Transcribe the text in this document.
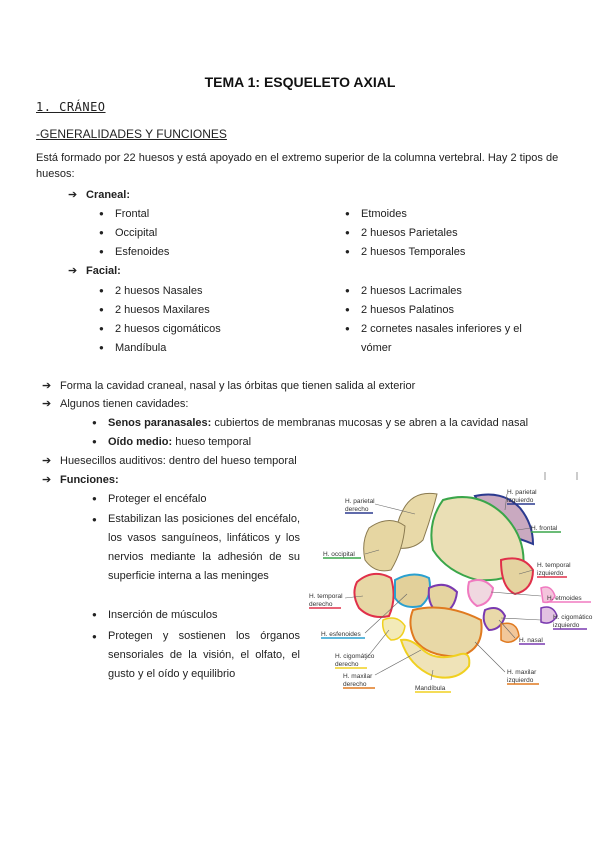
TEMA 1: ESQUELETO AXIAL
1. CRÁNEO
-GENERALIDADES Y FUNCIONES
Está formado por 22 huesos y está apoyado en el extremo superior de la columna vertebral. Hay 2 tipos de huesos:
➔ Craneal:
● Frontal
● Occipital
● Esfenoides
● Etmoides
● 2 huesos Parietales
● 2 huesos Temporales
➔ Facial:
● 2 huesos Nasales
● 2 huesos Maxilares
● 2 huesos cigomáticos
● Mandíbula
● 2 huesos Lacrimales
● 2 huesos Palatinos
● 2 cornetes nasales inferiores y el
vómer
➔ Forma la cavidad craneal, nasal y las órbitas que tienen salida al exterior
➔ Algunos tienen cavidades:
● Senos paranasales: cubiertos de membranas mucosas y se abren a la cavidad nasal
● Oído medio: hueso temporal
➔ Huesecillos auditivos: dentro del hueso temporal
➔ Funciones:
● Proteger el encéfalo
● Estabilizan las posiciones del encéfalo, los vasos sanguíneos, linfáticos y los nervios mediante la adhesión de su superficie interna a las meninges
● Inserción de músculos
● Protegen y sostienen los órganos sensoriales de la visión, el olfato, el gusto y el oído y equilibrio
H. parietal
derecho
H. parietal
izquierdo
H. frontal
H. occipital
H. temporal
izquierdo
H. temporal
derecho
H. etmoides
H. cigomático
izquierdo
H. esfenoides
H. nasal
H. cigomático
derecho
H. maxilar
izquierdo
H. maxilar
derecho
Mandíbula
